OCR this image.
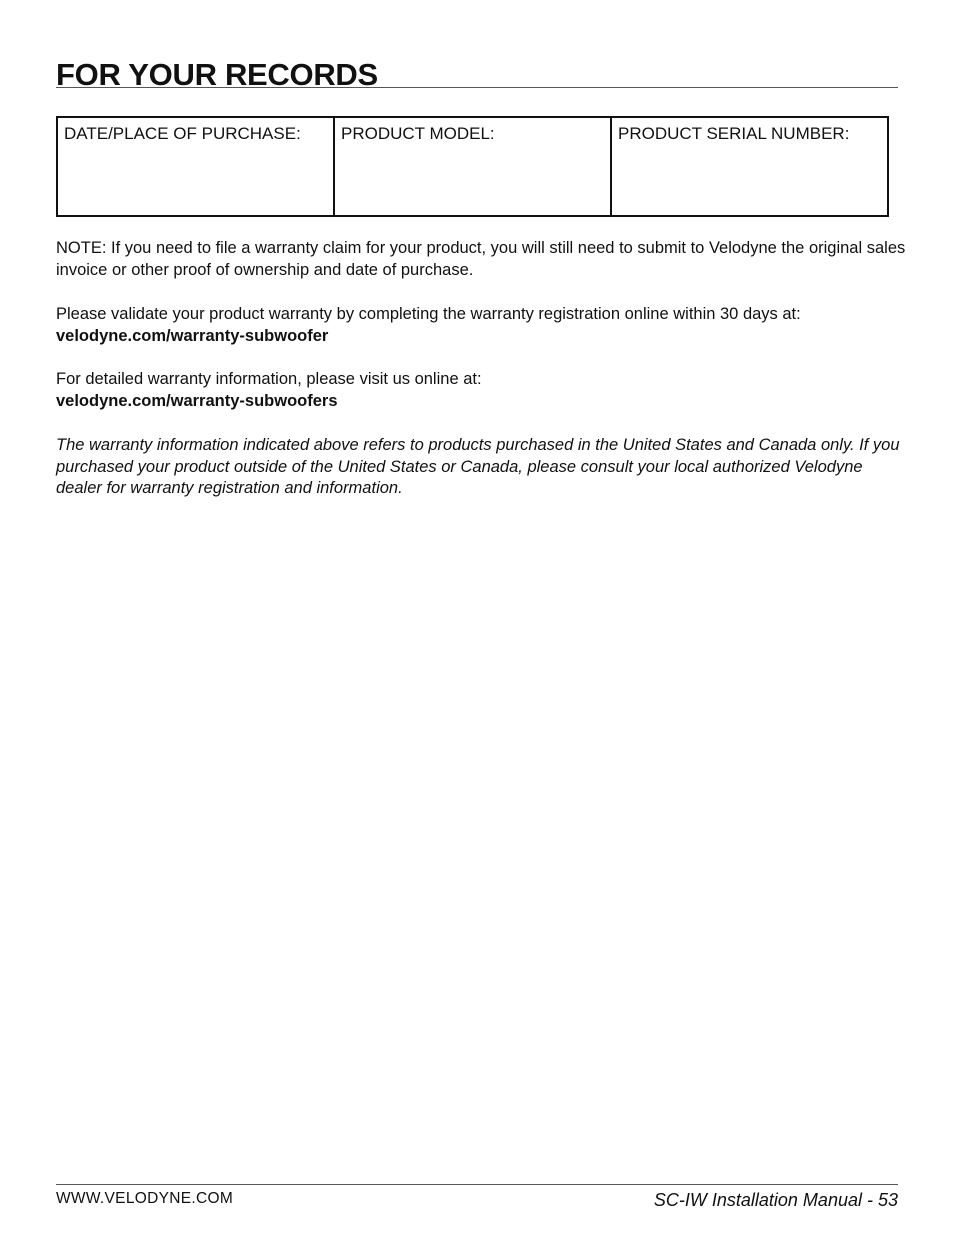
FOR YOUR RECORDS
DATE/PLACE OF PURCHASE:	PRODUCT MODEL:	PRODUCT SERIAL NUMBER:

NOTE: If you need to file a warranty claim for your product, you will still need to submit to Velodyne the original sales invoice or other proof of ownership and date of purchase.

Please validate your product warranty by completing the warranty registration online within 30 days at:
velodyne.com/warranty-subwoofer

For detailed warranty information, please visit us online at:
velodyne.com/warranty-subwoofers

The warranty information indicated above refers to products purchased in the United States and Canada only. If you purchased your product outside of the United States or Canada, please consult your local authorized Velodyne dealer for warranty registration and information.

WWW.VELODYNE.COM	SC-IW Installation Manual - 53
